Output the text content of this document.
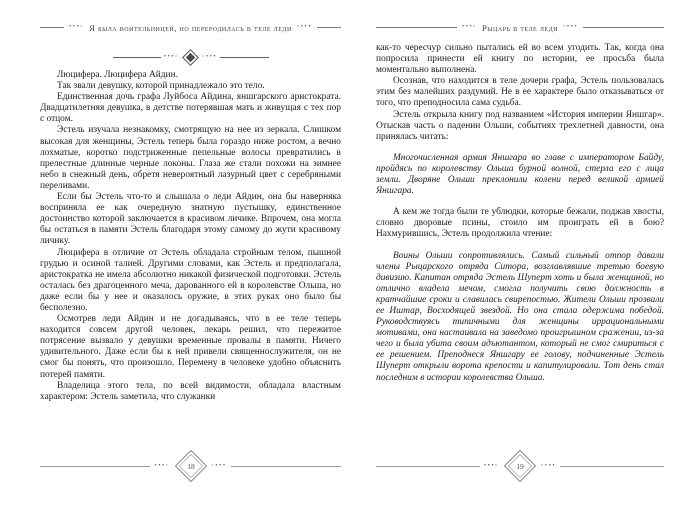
•••◦ Я была воительницей, но переродилась в теле леди ◦•••
•••◦	◦•••

Люцифера. Люцифера Айдин.

Так звали девушку, которой принадлежало это тело.

Единственная дочь графа Луйбоса Айдина, яншгарского аристократа. Двадцатилетняя девушка, в детстве потерявшая мать и живущая с тех пор с отцом.

Эстель изучала незнакомку, смотрящую на нее из зеркала. Слишком высокая для женщины, Эстель теперь была гораздо ниже ростом, а вечно лохматые, коротко подстриженные пепельные волосы превратились в прелестные длинные черные локоны. Глаза же стали похожи на зимнее небо в снежный день, обретя невероятный лазурный цвет с серебряными переливами.

Если бы Эстель что-то и слышала о леди Айдин, она бы наверняка восприняла ее как очередную знатную пустышку, единственное достоинство которой заключается в красивом личике. Впрочем, она могла бы остаться в памяти Эстель благодаря этому самому до жути красивому личику.

Люцифера в отличие от Эстель обладала стройным телом, пышной грудью и осиной талией. Другими словами, как Эстель и предполагала, аристократка не имела абсолютно никакой физической подготовки. Эстель осталась без драгоценного меча, дарованного ей в королевстве Ольша, но даже если бы у нее и оказалось оружие, в этих руках оно было бы бесполезно.

Осмотрев леди Айдин и не догадываясь, что в ее теле теперь находится совсем другой человек, лекарь решил, что пережитое потрясение вызвало у девушки временные провалы в памяти. Ничего удивительного. Даже если бы к ней привели священнослужителя, он не смог бы понять, что произошло. Перемену в человеке удобно объяснить потерей памяти.

Владелица этого тела, по всей видимости, обладала властным характером: Эстель заметила, что служанки

•••◦ 18	◦•••
•••◦ Рыцарь в теле леди ◦•••

как-то чересчур сильно пытались ей во всем угодить. Так, когда она попросила принести ей книгу по истории, ее просьба была моментально выполнена.

Осознав, что находится в теле дочери графа, Эстель пользовалась этим без малейших раздумий. Не в ее характере было отказываться от того, что преподносила сама судьба.

Эстель открыла книгу под названием «История империи Яншгар». Отыскав часть о падении Ольши, событиях трехлетней давности, она принялась читать:

Многочисленная армия Яншгара во главе с императором Байду, пройдясь по королевству Ольша бурной волной, стерла его с лица земли. Дворяне Ольши преклонили колени перед великой армией Яншгара.

А кем же тогда были те ублюдки, которые бежали, поджав хвосты, словно дворовые псины, стоило им проиграть ей в бою? Нахмурившись, Эстель продолжила чтение:

Воины Ольши сопротивлялись. Самый сильный отпор давали члены Рыцарского отряда Ситора, возглавлявшие третью боевую дивизию. Капитан отряда Эстель Шуперт хоть и была женщиной, но отлично владела мечом, смогла получить свою должность в кратчайшие сроки и славилась свирепостью. Жители Ольши прозвали ее Иштар, Восходящей звездой. Но она стала одержима победой. Руководствуясь типичными для женщины иррациональными мотивами, она настаивала на заведомо проигрышном сражении, из-за чего и была убита своим адъютантом, который не смог смириться с ее решением. Преподнеся Яншгару ее голову, подчиненные Эстель Шуперт открыли ворота крепости и капитулировали. Тот день стал последним в истории королевства Ольша.

•••◦ 19	◦•••
